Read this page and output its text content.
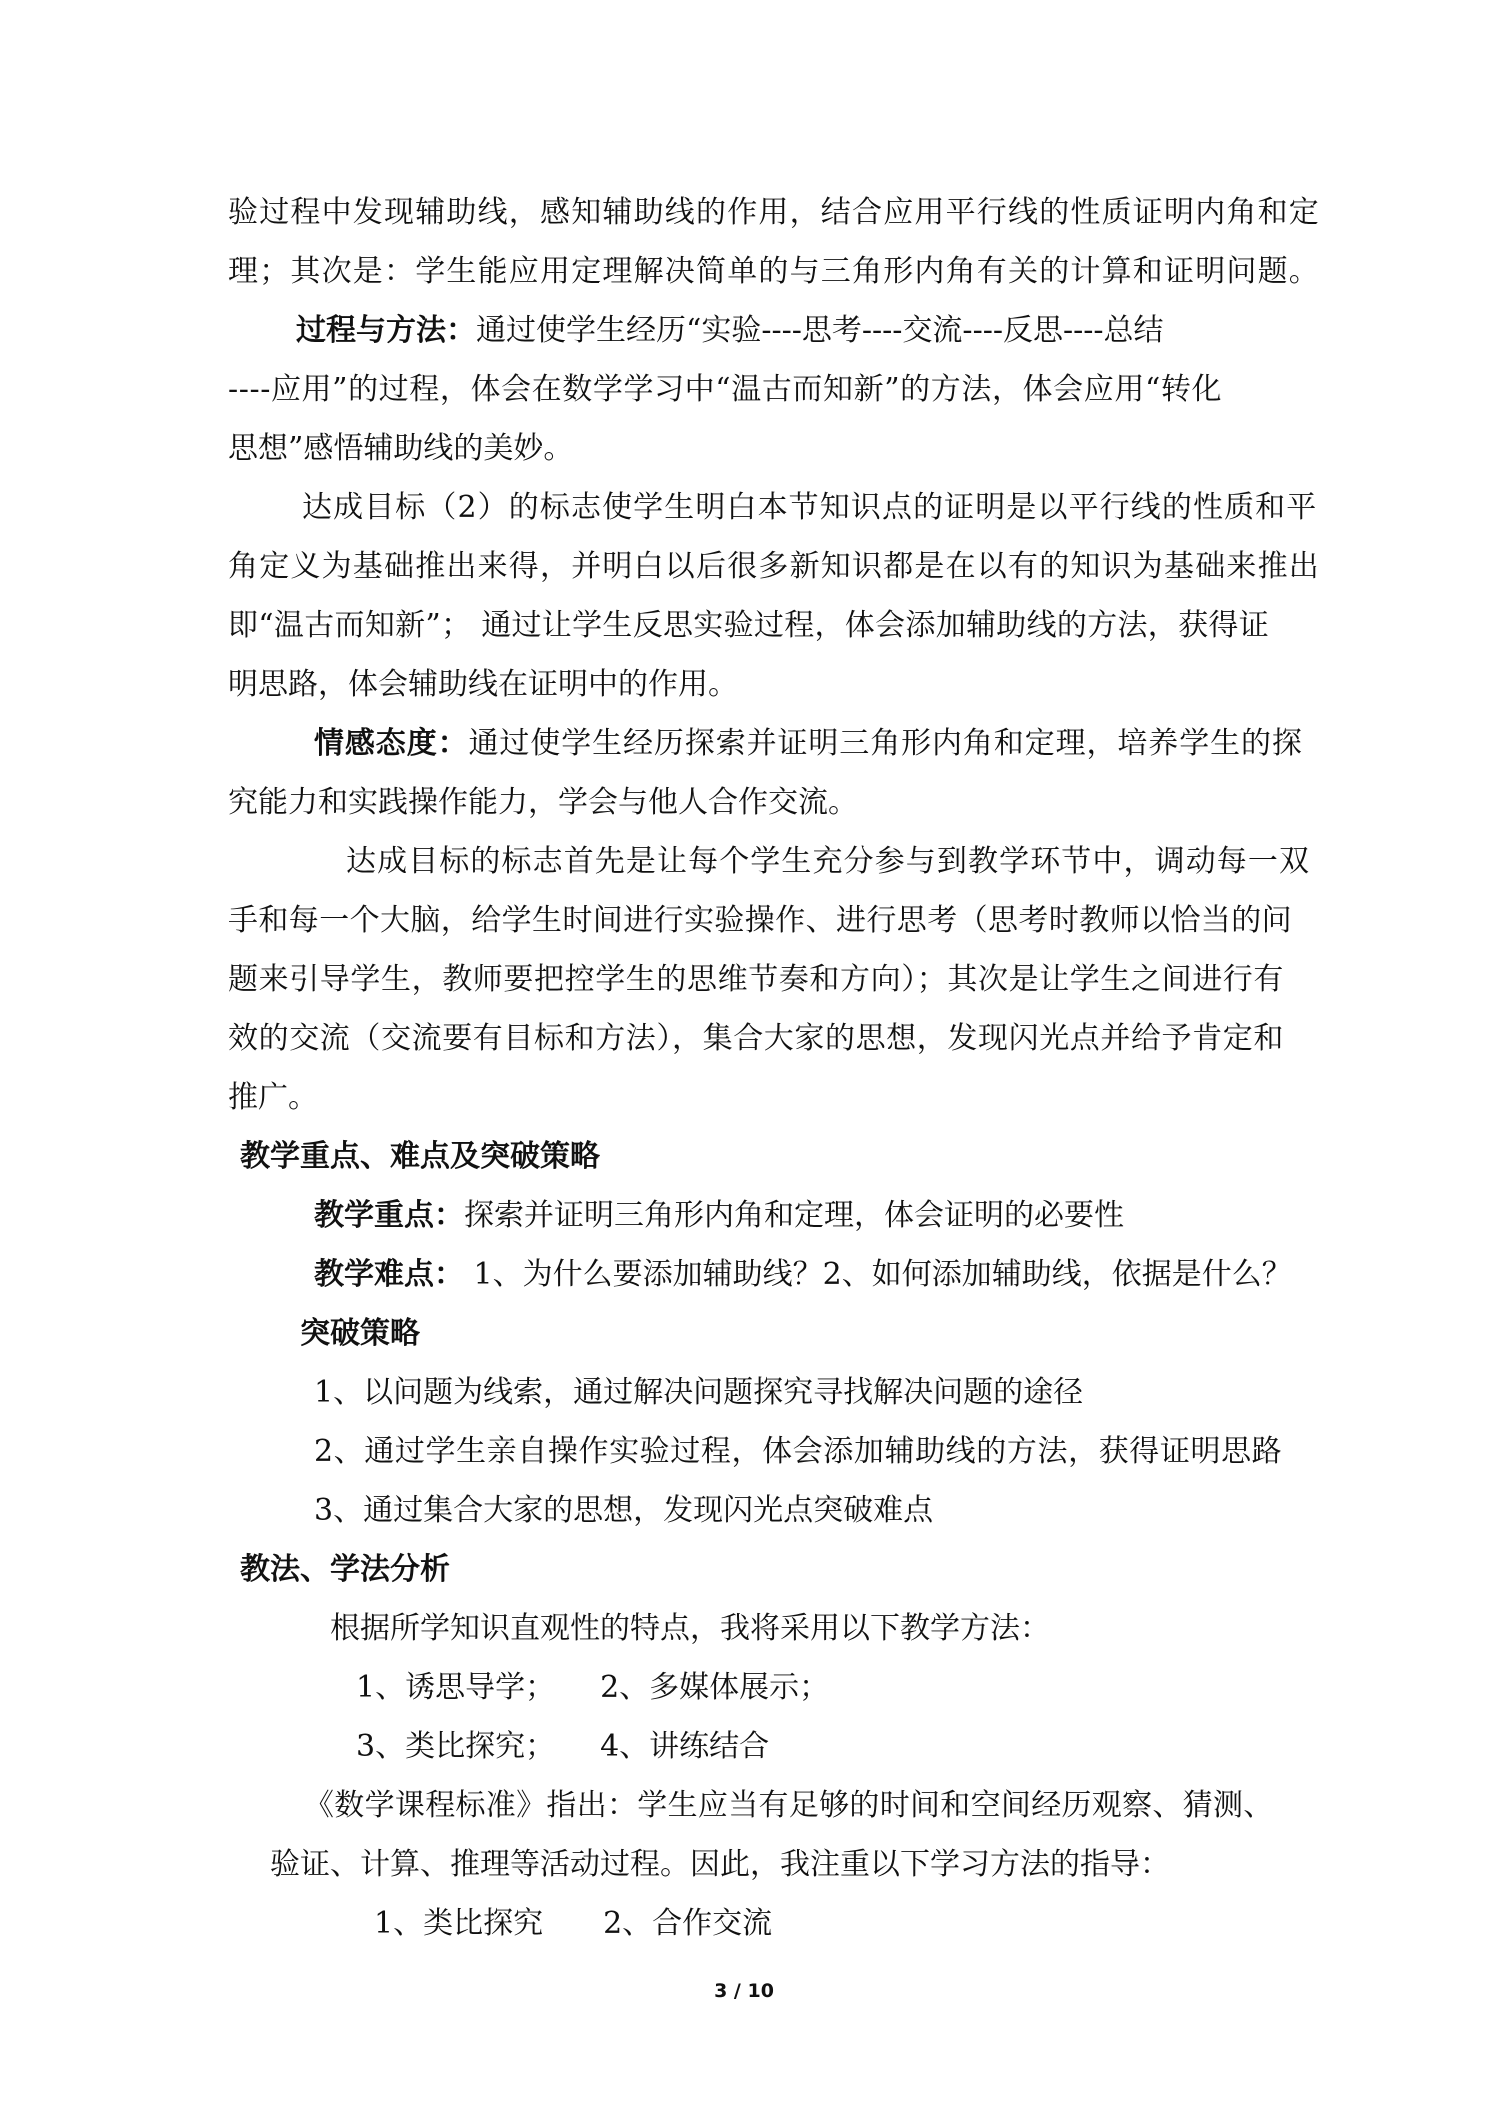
验过程中发现辅助线，感知辅助线的作用，结合应用平行线的性质证明内角和定

理；其次是：学生能应用定理解决简单的与三角形内角有关的计算和证明问题。

过程与方法：通过使学生经历“实验----思考----交流----反思----总结

----应用”的过程，体会在数学学习中“温古而知新”的方法，体会应用“转化

思想”感悟辅助线的美妙。

达成目标（2）的标志使学生明白本节知识点的证明是以平行线的性质和平

角定义为基础推出来得，并明白以后很多新知识都是在以有的知识为基础来推出

即“温古而知新”； 通过让学生反思实验过程，体会添加辅助线的方法，获得证

明思路，体会辅助线在证明中的作用。

情感态度：通过使学生经历探索并证明三角形内角和定理，培养学生的探

究能力和实践操作能力，学会与他人合作交流。

达成目标的标志首先是让每个学生充分参与到教学环节中，调动每一双

手和每一个大脑，给学生时间进行实验操作、进行思考（思考时教师以恰当的问

题来引导学生，教师要把控学生的思维节奏和方向）；其次是让学生之间进行有

效的交流（交流要有目标和方法），集合大家的思想，发现闪光点并给予肯定和

推广。

教学重点、难点及突破策略

教学重点：探索并证明三角形内角和定理，体会证明的必要性

教学难点： 1、为什么要添加辅助线？2、如何添加辅助线，依据是什么？

突破策略

1、以问题为线索，通过解决问题探究寻找解决问题的途径

2、通过学生亲自操作实验过程，体会添加辅助线的方法，获得证明思路

3、通过集合大家的思想，发现闪光点突破难点

教法、学法分析

根据所学知识直观性的特点，我将采用以下教学方法：

1、诱思导学；　　2、多媒体展示；

3、类比探究；　　4、讲练结合

《数学课程标准》指出：学生应当有足够的时间和空间经历观察、猜测、

验证、计算、推理等活动过程。因此，我注重以下学习方法的指导：

1、类比探究　　2、合作交流

3 / 10
